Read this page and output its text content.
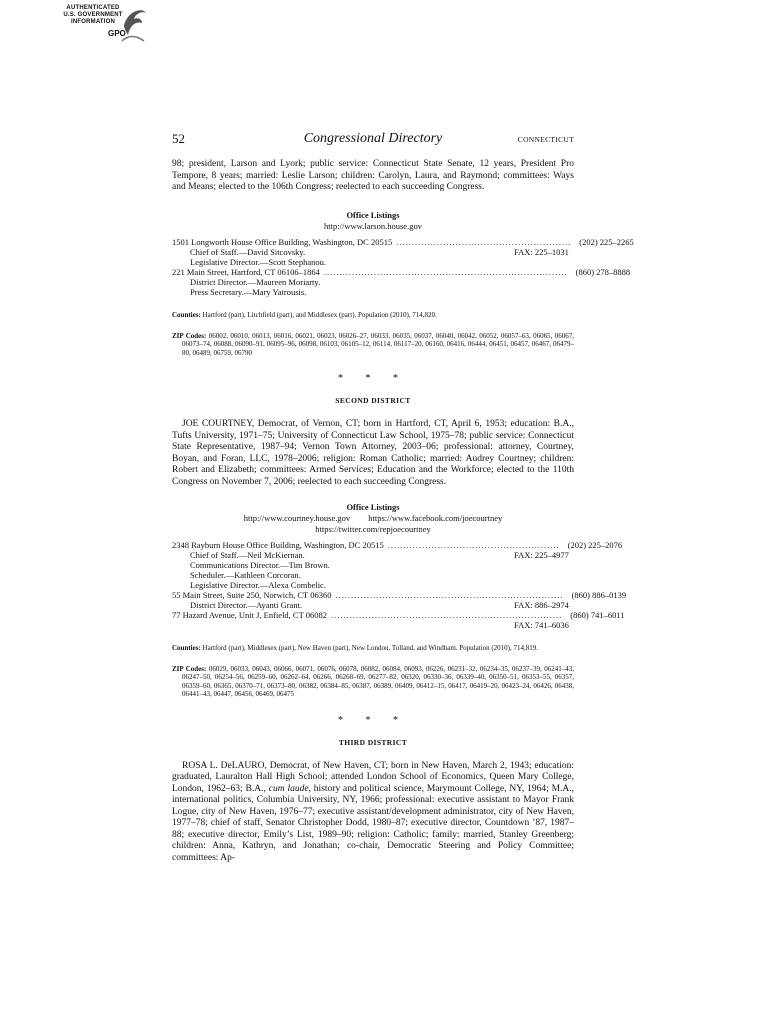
AUTHENTICATED
U.S. GOVERNMENT
INFORMATION
GPO
52	Congressional Directory	CONNECTICUT

98; president, Larson and Lyork; public service: Connecticut State Senate, 12 years, President Pro Tempore, 8 years; married: Leslie Larson; children: Carolyn, Laura, and Raymond; committees: Ways and Means; elected to the 106th Congress; reelected to each succeeding Congress.

Office Listings
http://www.larson.house.gov
1501 Longworth House Office Building, Washington, DC 20515 ........................................................ (202) 225–2265
Chief of Staff.—David Sitcovsky.	FAX: 225–1031
Legislative Director.—Scott Stephanou.
221 Main Street, Hartford, CT 06106–1864 .............................................................................. (860) 278–8888
District Director.—Maureen Moriarty.
Press Secretary.—Mary Yatrousis.

Counties: Hartford (part), Litchfield (part), and Middlesex (part). Population (2010), 714,820.

ZIP Codes: 06002, 06010, 06013, 06016, 06021, 06023, 06026–27, 06033, 06035, 06037, 06040, 06042, 06052, 06057–63, 06065, 06067, 06073–74, 06088, 06090–91, 06095–96, 06098, 06103, 06105–12, 06114, 06117–20, 06160, 06416, 06444, 06451, 06457, 06467, 06479–80, 06489, 06759, 06790

* * *
SECOND DISTRICT

JOE COURTNEY, Democrat, of Vernon, CT; born in Hartford, CT, April 6, 1953; education: B.A., Tufts University, 1971–75; University of Connecticut Law School, 1975–78; public service: Connecticut State Representative, 1987–94; Vernon Town Attorney, 2003–06; professional: attorney, Courtney, Boyan, and Foran, LLC, 1978–2006; religion: Roman Catholic; married: Audrey Courtney; children: Robert and Elizabeth; committees: Armed Services; Education and the Workforce; elected to the 110th Congress on November 7, 2006; reelected to each succeeding Congress.

Office Listings
http://www.courtney.house.gov https://www.facebook.com/joecourtney
https://twitter.com/repjoecourtney
2348 Rayburn House Office Building, Washington, DC 20515 ....................................................... (202) 225–2076
Chief of Staff.—Neil McKiernan.	FAX: 225–4977
Communications Director.—Tim Brown.
Scheduler.—Kathleen Corcoran.
Legislative Director.—Alexa Combelic.
55 Main Street, Suite 250, Norwich, CT 06360 ......................................................................... (860) 886–0139
District Director.—Ayanti Grant.	FAX: 886–2974
77 Hazard Avenue, Unit J, Enfield, CT 06082 .......................................................................... (860) 741–6011
FAX: 741–6036

Counties: Hartford (part), Middlesex (part), New Haven (part), New London, Tolland, and Windham. Population (2010), 714,819.

ZIP Codes: 06029, 06033, 06043, 06066, 06071, 06076, 06078, 06082, 06084, 06093, 06226, 06231–32, 06234–35, 06237–39, 06241–43, 06247–50, 06254–56, 06259–60, 06262–64, 06266, 06268–69, 06277–82, 06320, 06330–36, 06339–40, 06350–51, 06353–55, 06357, 06359–60, 06365, 06370–71, 06373–80, 06382, 06384–85, 06387, 06389, 06409, 06412–15, 06417, 06419–20, 06423–24, 06426, 06438, 06441–43, 06447, 06456, 06469, 06475

* * *
THIRD DISTRICT

ROSA L. DeLAURO, Democrat, of New Haven, CT; born in New Haven, March 2, 1943; education: graduated, Lauralton Hall High School; attended London School of Economics, Queen Mary College, London, 1962–63; B.A., cum laude, history and political science, Marymount College, NY, 1964; M.A., international politics, Columbia University, NY, 1966; professional: executive assistant to Mayor Frank Logue, city of New Haven, 1976–77; executive assistant/development administrator, city of New Haven, 1977–78; chief of staff, Senator Christopher Dodd, 1980–87; executive director, Countdown ’87, 1987–88; executive director, Emily’s List, 1989–90; religion: Catholic; family: married, Stanley Greenberg; children: Anna, Kathryn, and Jonathan; co-chair, Democratic Steering and Policy Committee; committees: Ap-
